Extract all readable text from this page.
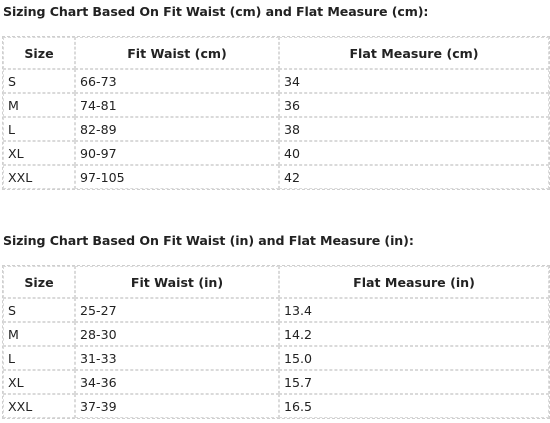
Sizing Chart Based On Fit Waist (cm) and Flat Measure (cm):
Size	Fit Waist (cm)	Flat Measure (cm)
S	66-73	34
M	74-81	36
L	82-89	38
XL	90-97	40
XXL	97-105	42
Sizing Chart Based On Fit Waist (in) and Flat Measure (in):
Size	Fit Waist (in)	Flat Measure (in)
S	25-27	13.4
M	28-30	14.2
L	31-33	15.0
XL	34-36	15.7
XXL	37-39	16.5
